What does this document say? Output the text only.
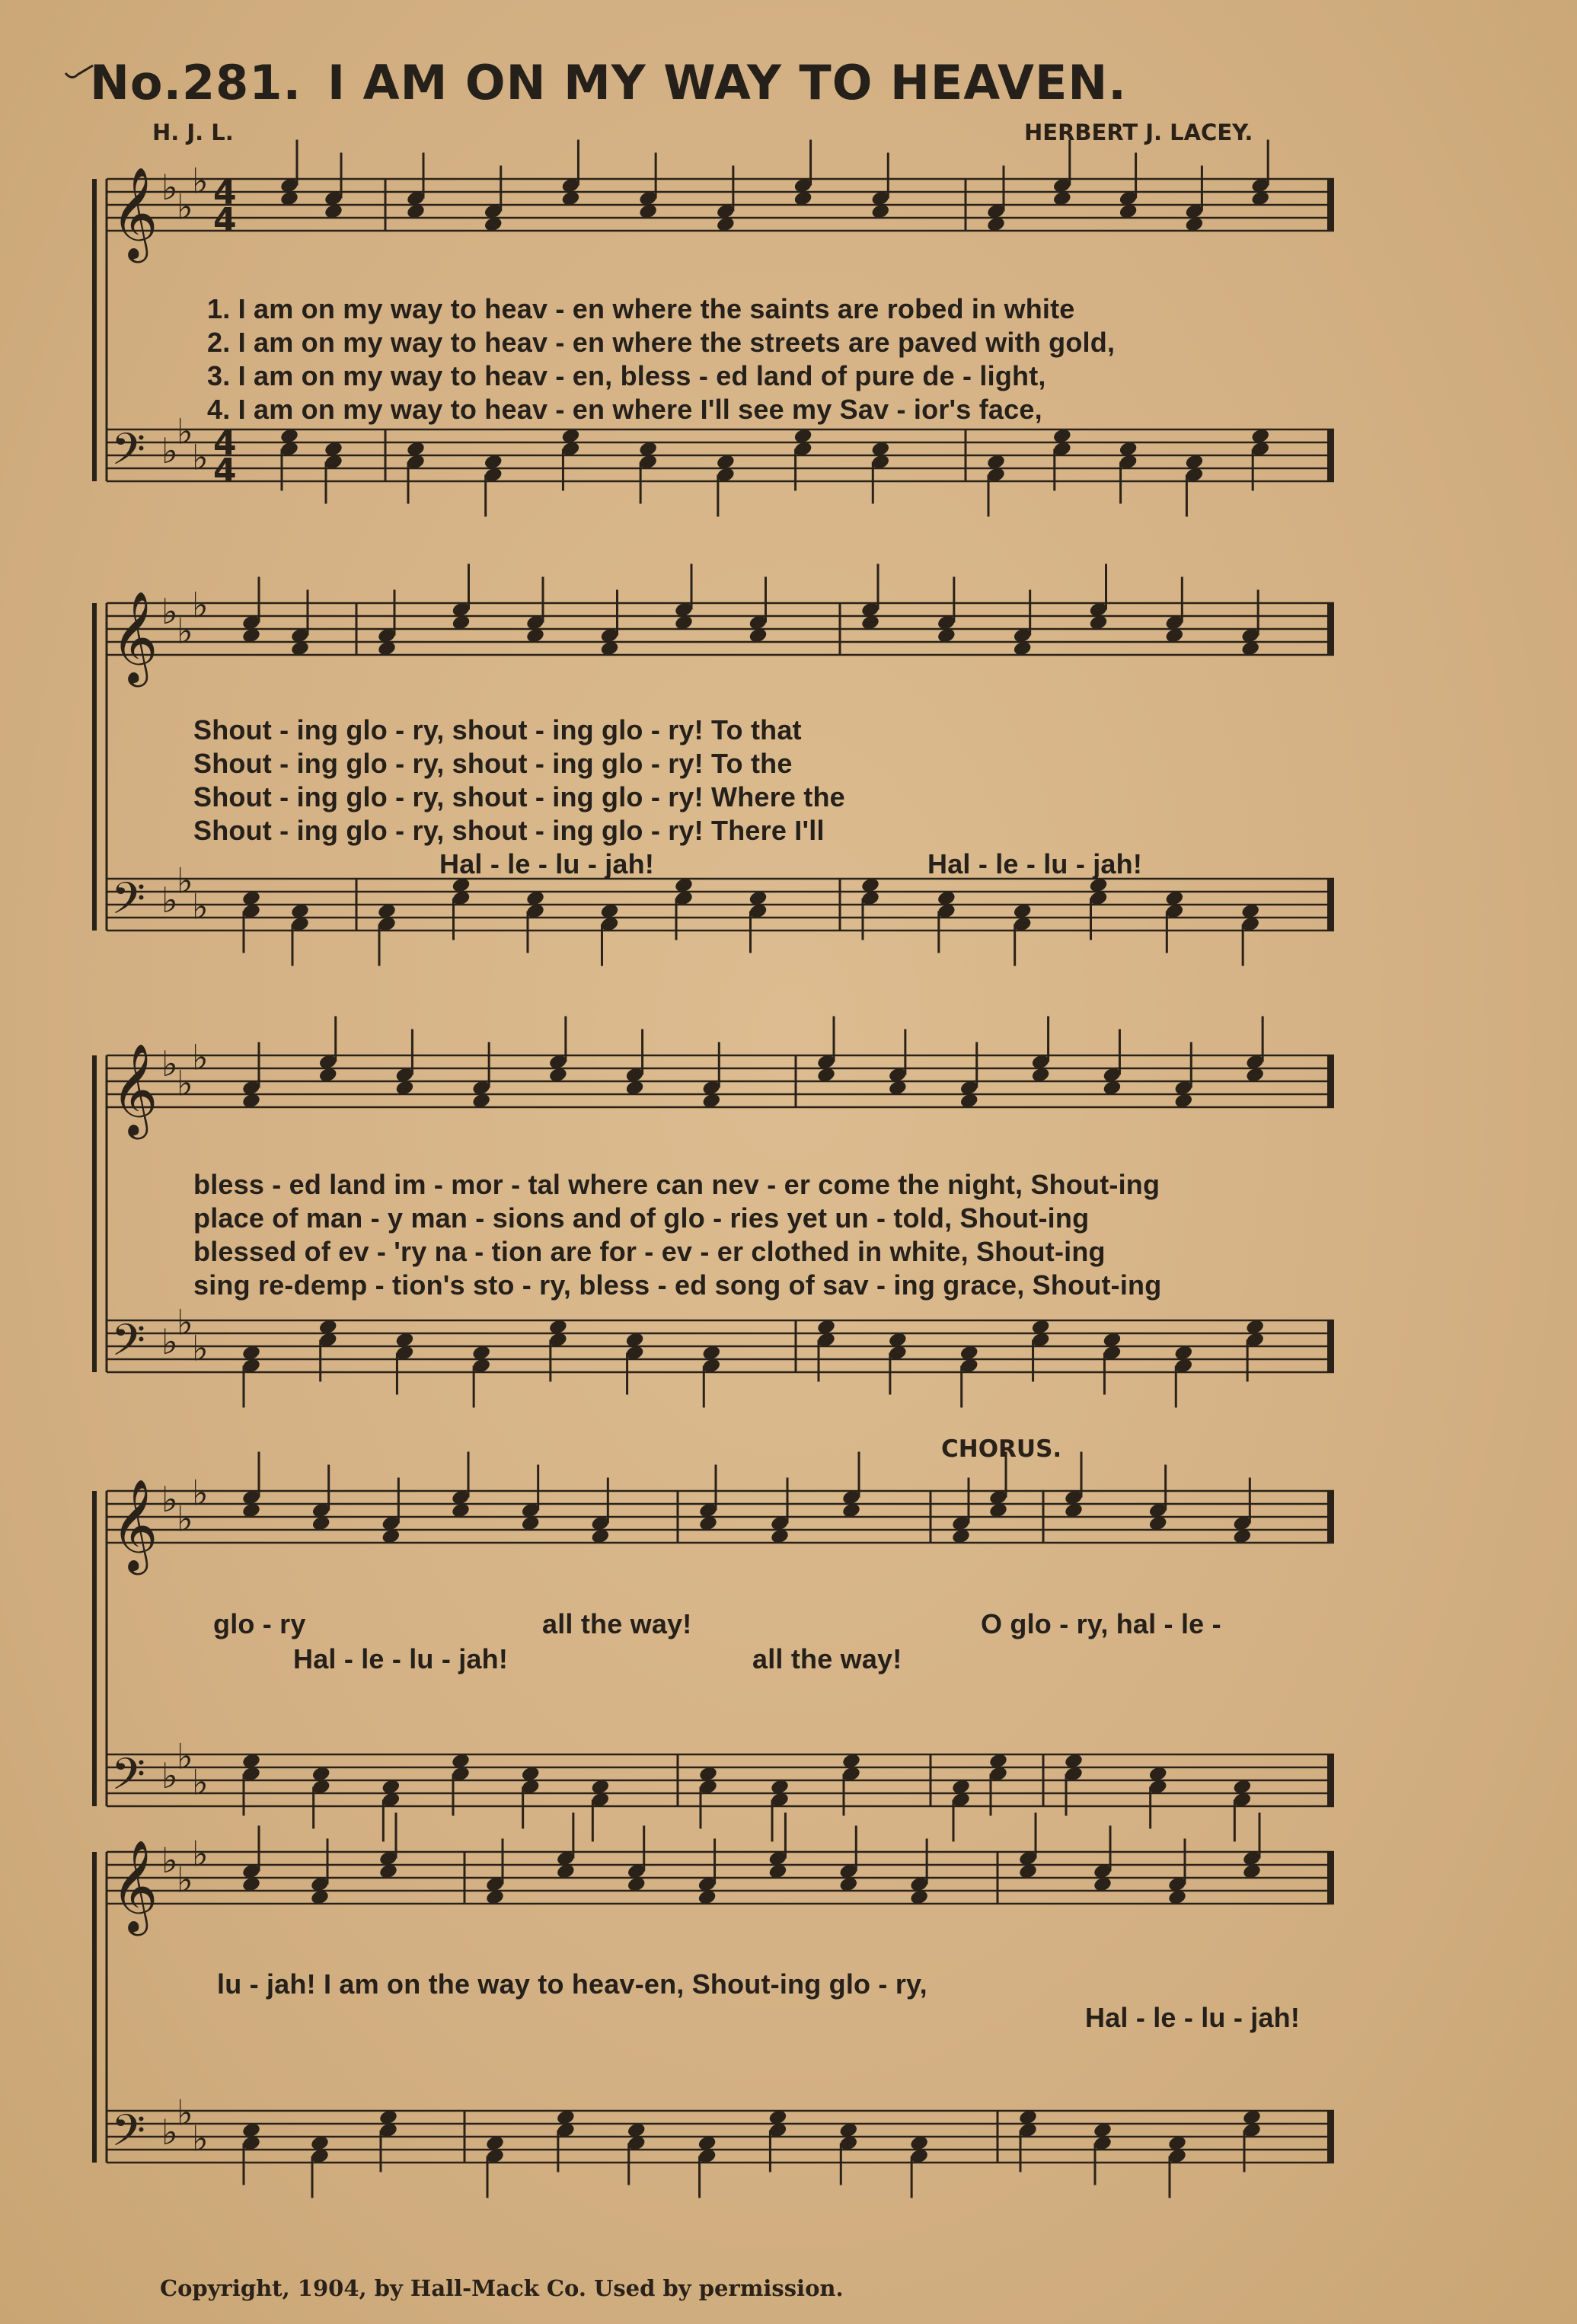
No.281. I AM ON MY WAY TO HEAVEN.
H. J. L.	HERBERT J. LACEY.
𝄞 ♭
♭
♭ 4
4
𝄢 ♭
♭
♭ 4
4
𝄞 ♭
♭
♭
𝄢 ♭
♭
♭
𝄞 ♭
♭
♭
𝄢 ♭
♭
♭
𝄞 ♭
♭
♭
𝄢 ♭
♭
♭
𝄞 ♭
♭
♭
𝄢 ♭
♭
♭
1. I am on my way to heav - en where the saints are robed in white
2. I am on my way to heav - en where the streets are paved with gold,
3. I am on my way to heav - en, bless - ed land of pure de - light,
4. I am on my way to heav - en where I'll see my Sav - ior's face,
Shout - ing glo - ry, shout - ing glo - ry! To that
Shout - ing glo - ry, shout - ing glo - ry! To the
Shout - ing glo - ry, shout - ing glo - ry! Where the
Shout - ing glo - ry, shout - ing glo - ry! There I'll
Hal - le - lu - jah!	Hal - le - lu - jah!
bless - ed land im - mor - tal where can nev - er come the night, Shout-ing
place of man - y man - sions and of glo - ries yet un - told, Shout-ing
blessed of ev - 'ry na - tion are for - ev - er clothed in white, Shout-ing
sing re-demp - tion's sto - ry, bless - ed song of sav - ing grace, Shout-ing
CHORUS.
glo - ry	all the way!	O glo - ry, hal - le -
Hal - le - lu - jah!	all the way!
lu - jah! I am on the way to heav-en, Shout-ing glo - ry,
Hal - le - lu - jah!
Copyright, 1904, by Hall-Mack Co. Used by permission.
